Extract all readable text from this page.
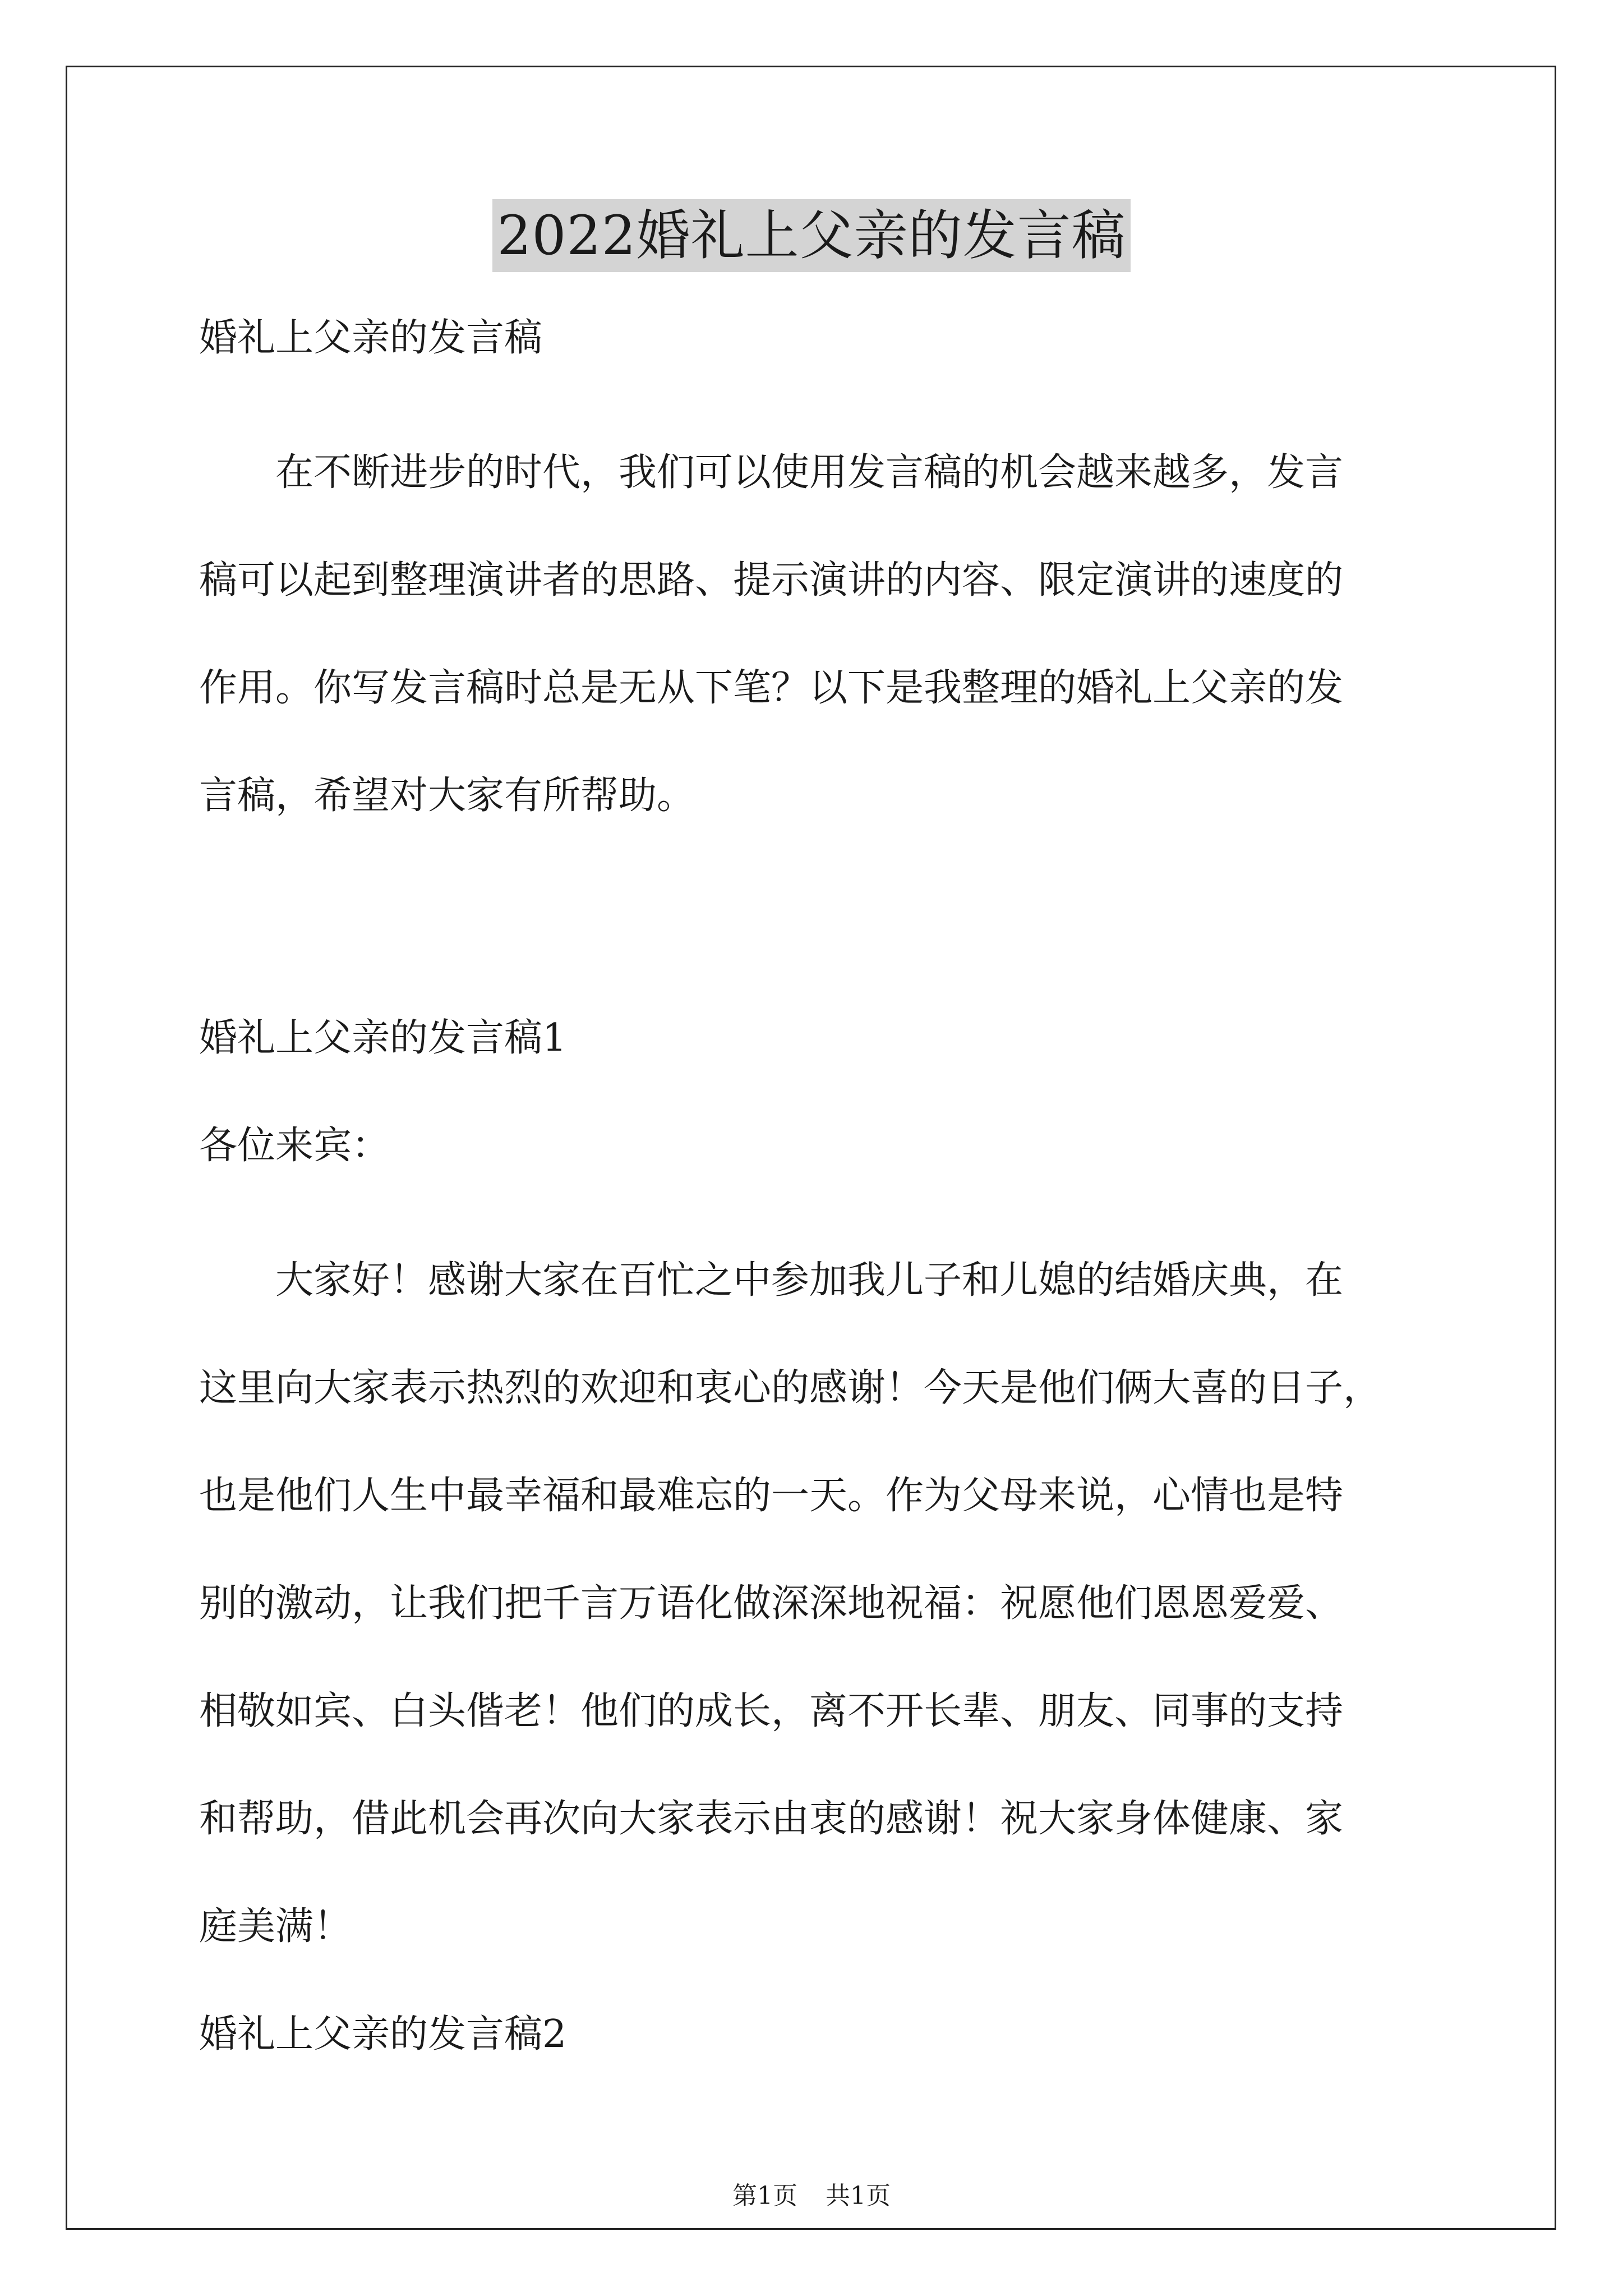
2022婚礼上父亲的发言稿
婚礼上父亲的发言稿
在不断进步的时代，我们可以使用发言稿的机会越来越多，发言
稿可以起到整理演讲者的思路、提示演讲的内容、限定演讲的速度的
作用。你写发言稿时总是无从下笔？以下是我整理的婚礼上父亲的发
言稿，希望对大家有所帮助。
婚礼上父亲的发言稿1
各位来宾：
大家好！感谢大家在百忙之中参加我儿子和儿媳的结婚庆典，在
这里向大家表示热烈的欢迎和衷心的感谢！今天是他们俩大喜的日子，
也是他们人生中最幸福和最难忘的一天。作为父母来说，心情也是特
别的激动，让我们把千言万语化做深深地祝福：祝愿他们恩恩爱爱、
相敬如宾、白头偕老！他们的成长，离不开长辈、朋友、同事的支持
和帮助，借此机会再次向大家表示由衷的感谢！祝大家身体健康、家
庭美满！
婚礼上父亲的发言稿2
第1页 共1页
